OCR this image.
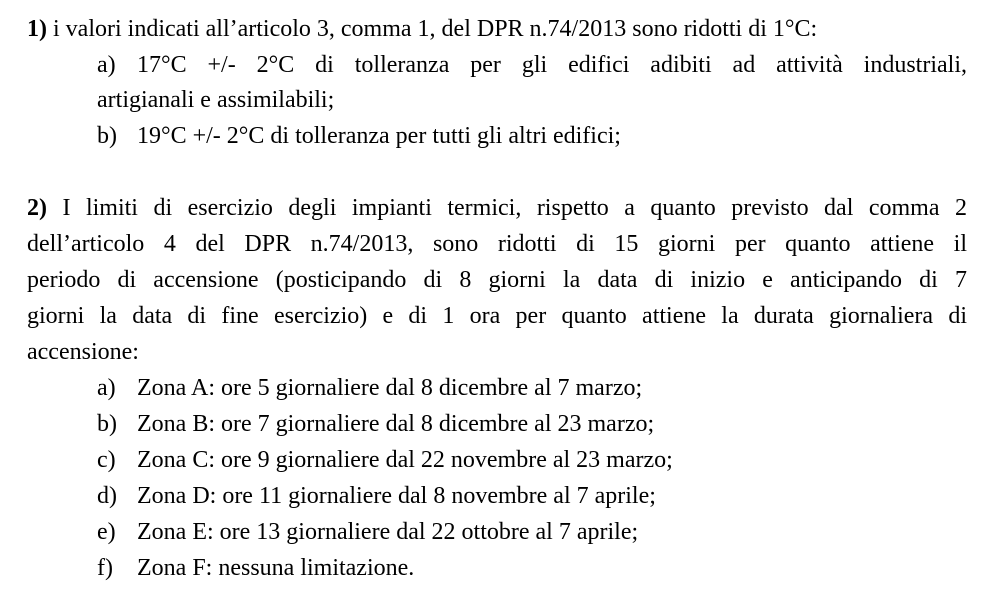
1) i valori indicati all’articolo 3, comma 1, del DPR n.74/2013 sono ridotti di 1°C:
a) 17°C +/- 2°C di tolleranza per gli edifici adibiti ad attività industriali,
artigianali e assimilabili;
b) 19°C +/- 2°C di tolleranza per tutti gli altri edifici;
2) I limiti di esercizio degli impianti termici, rispetto a quanto previsto dal comma 2
dell’articolo 4 del DPR n.74/2013, sono ridotti di 15 giorni per quanto attiene il
periodo di accensione (posticipando di 8 giorni la data di inizio e anticipando di 7
giorni la data di fine esercizio) e di 1 ora per quanto attiene la durata giornaliera di
accensione:
a) Zona A: ore 5 giornaliere dal 8 dicembre al 7 marzo;
b) Zona B: ore 7 giornaliere dal 8 dicembre al 23 marzo;
c) Zona C: ore 9 giornaliere dal 22 novembre al 23 marzo;
d) Zona D: ore 11 giornaliere dal 8 novembre al 7 aprile;
e) Zona E: ore 13 giornaliere dal 22 ottobre al 7 aprile;
f) Zona F: nessuna limitazione.
